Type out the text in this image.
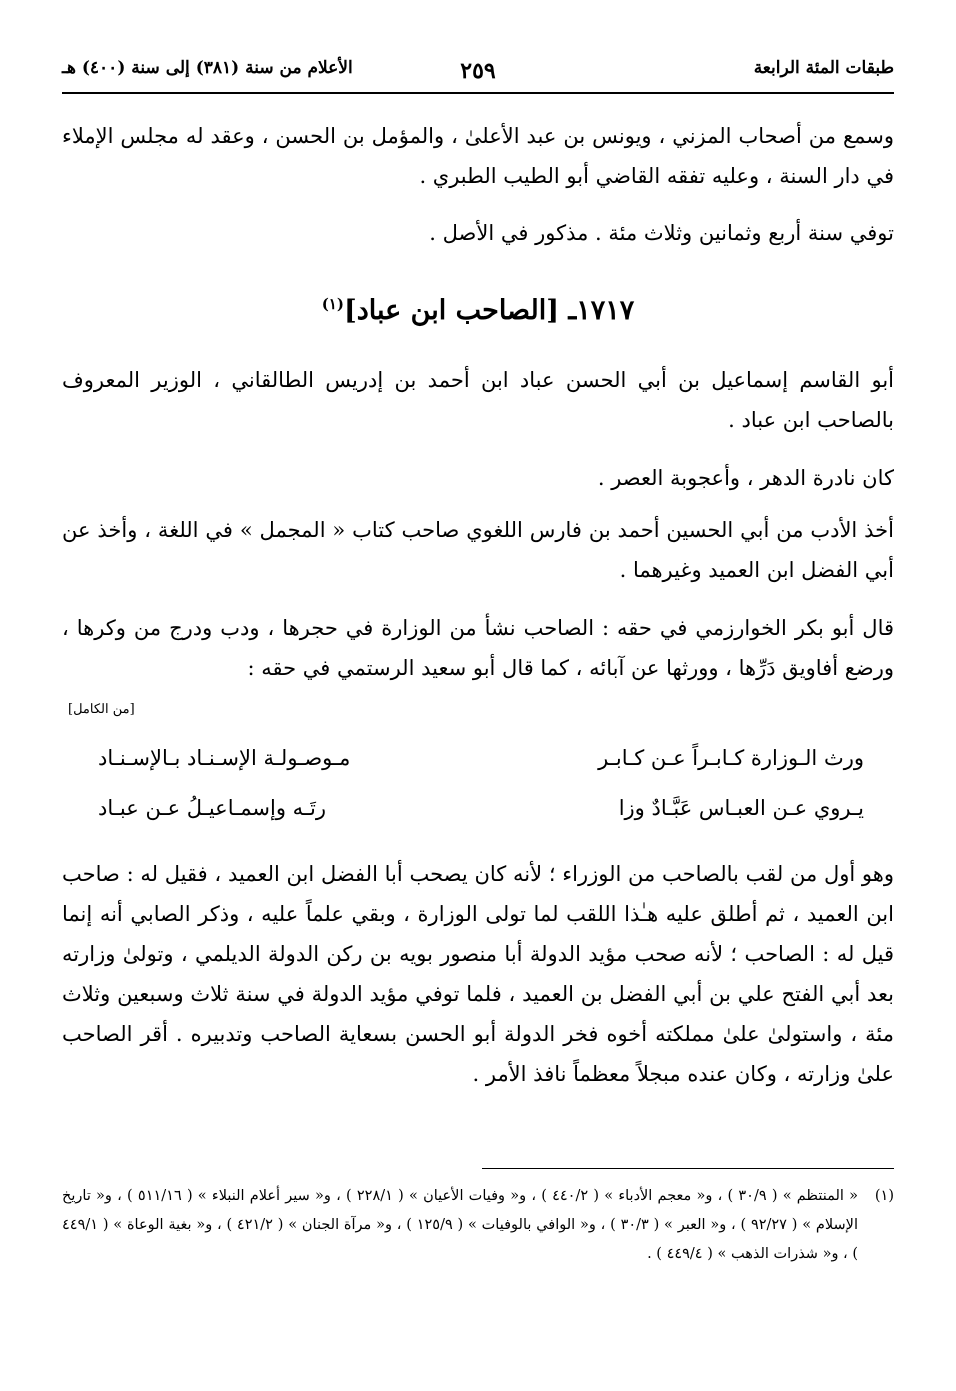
طبقات المئة الرابعة
٢٥٩
الأعلام من سنة (٣٨١) إلى سنة (٤٠٠) هـ

وسمع من أصحاب المزني ، ويونس بن عبد الأعلىٰ ، والمؤمل بن الحسن ، وعقد له مجلس الإملاء في دار السنة ، وعليه تفقه القاضي أبو الطيب الطبري .

توفي سنة أربع وثمانين وثلاث مئة . مذكور في الأصل .

١٧١٧ـ [الصاحب ابن عباد]$^{(١)}$

أبو القاسم إسماعيل بن أبي الحسن عباد ابن أحمد بن إدريس الطالقاني ، الوزير المعروف بالصاحب ابن عباد .

كان نادرة الدهر ، وأعجوبة العصر .

أخذ الأدب من أبي الحسين أحمد بن فارس اللغوي صاحب كتاب « المجمل » في اللغة ، وأخذ عن أبي الفضل ابن العميد وغيرهما .

قال أبو بكر الخوارزمي في حقه : الصاحب نشأ من الوزارة في حجرها ، ودب ودرج من وكرها ، ورضع أفاويق دَرِّها ، وورثها عن آبائه ، كما قال أبو سعيد الرستمي في حقه :

[من الكامل]
ورث الـوزارة كـابـراً عـن كـابـر
مـوصـولـة الإسـنـاد بـالإسـنـاد
يـروي عـن العبـاس عَبَّـادٌ وزا
رتَـه وإسمـاعيـلُ عـن عبـاد

وهو أول من لقب بالصاحب من الوزراء ؛ لأنه كان يصحب أبا الفضل ابن العميد ، فقيل له : صاحب ابن العميد ، ثم أطلق عليه هـٰذا اللقب لما تولى الوزارة ، وبقي علماً عليه ، وذكر الصابي أنه إنما قيل له : الصاحب ؛ لأنه صحب مؤيد الدولة أبا منصور بويه بن ركن الدولة الديلمي ، وتولىٰ وزارته بعد أبي الفتح علي بن أبي الفضل بن العميد ، فلما توفي مؤيد الدولة في سنة ثلاث وسبعين وثلاث مئة ، واستولىٰ علىٰ مملكته أخوه فخر الدولة أبو الحسن بسعاية الصاحب وتدبيره . أقر الصاحب علىٰ وزارته ، وكان عنده مبجلاً معظماً نافذ الأمر .

(١)
« المنتظم » ( ٣٠/٩ ) ، و« معجم الأدباء » ( ٤٤٠/٢ ) ، و« وفيات الأعيان » ( ٢٢٨/١ ) ، و« سير أعلام النبلاء » ( ٥١١/١٦ ) ، و« تاريخ الإسلام » ( ٩٢/٢٧ ) ، و« العبر » ( ٣٠/٣ ) ، و« الوافي بالوفيات » ( ١٢٥/٩ ) ، و« مرآة الجنان » ( ٤٢١/٢ ) ، و« بغية الوعاة » ( ٤٤٩/١ ) ، و« شذرات الذهب » ( ٤٤٩/٤ ) .
